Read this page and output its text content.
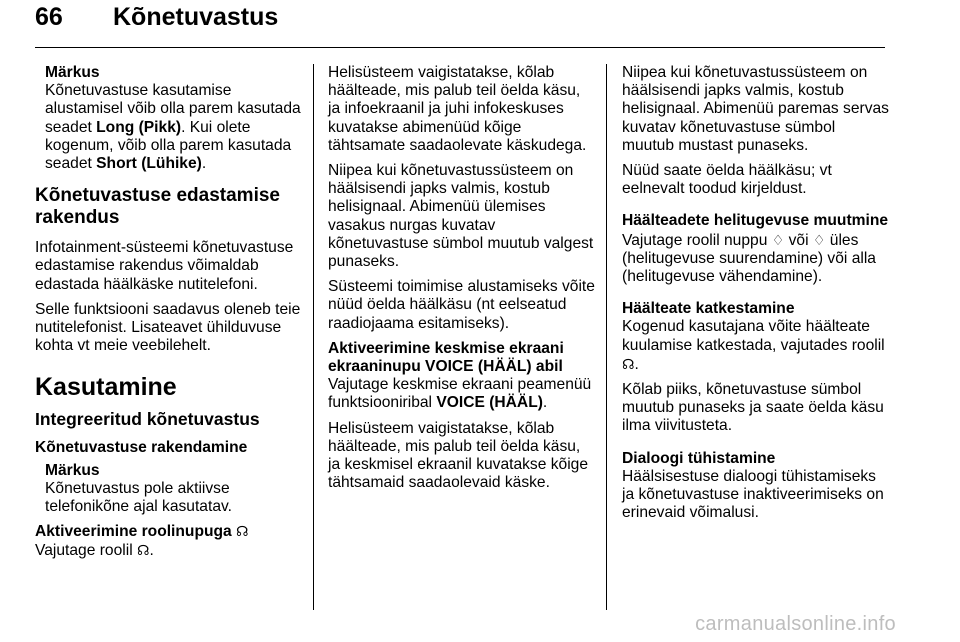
66 Kõnetuvastus
Märkus
Kõnetuvastuse kasutamise alustamisel võib olla parem kasutada seadet Long (Pikk). Kui olete kogenum, võib olla parem kasutada seadet Short (Lühike).
Kõnetuvastuse edastamise rakendus

Infotainment-süsteemi kõnetuvastuse edastamise rakendus võimaldab edastada häälkäske nutitelefoni.

Selle funktsiooni saadavus oleneb teie nutitelefonist. Lisateavet ühilduvuse kohta vt meie veebilehelt.

Kasutamine
Integreeritud kõnetuvastus
Kõnetuvastuse rakendamine
Märkus
Kõnetuvastus pole aktiivse telefonikõne ajal kasutatav.
Aktiveerimine roolinupuga ☊

Vajutage roolil ☊.

Helisüsteem vaigistatakse, kõlab häälteade, mis palub teil öelda käsu, ja infoekraanil ja juhi infokeskuses kuvatakse abimenüüd kõige tähtsamate saadaolevate käskudega.

Niipea kui kõnetuvastussüsteem on häälsisendi japks valmis, kostub helisignaal. Abimenüü ülemises vasakus nurgas kuvatav kõnetuvastuse sümbol muutub valgest punaseks.

Süsteemi toimimise alustamiseks võite nüüd öelda häälkäsu (nt eelseatud raadiojaama esitamiseks).

Aktiveerimine keskmise ekraani ekraaninupu VOICE (HÄÄL) abil

Vajutage keskmise ekraani peamenüü funktsiooniribal VOICE (HÄÄL).

Helisüsteem vaigistatakse, kõlab häälteade, mis palub teil öelda käsu, ja keskmisel ekraanil kuvatakse kõige tähtsamaid saadaolevaid käske.

Niipea kui kõnetuvastussüsteem on häälsisendi japks valmis, kostub helisignaal. Abimenüü paremas servas kuvatav kõnetuvastuse sümbol muutub mustast punaseks.

Nüüd saate öelda häälkäsu; vt eelnevalt toodud kirjeldust.

Häälteadete helitugevuse muutmine

Vajutage roolil nuppu ♢ või ♢ üles (helitugevuse suurendamine) või alla (helitugevuse vähendamine).

Häälteate katkestamine

Kogenud kasutajana võite häälteate kuulamise katkestada, vajutades roolil ☊.

Kõlab piiks, kõnetuvastuse sümbol muutub punaseks ja saate öelda käsu ilma viivitusteta.

Dialoogi tühistamine

Häälsisestuse dialoogi tühistamiseks ja kõnetuvastuse inaktiveerimiseks on erinevaid võimalusi.

carmanualsonline.info
